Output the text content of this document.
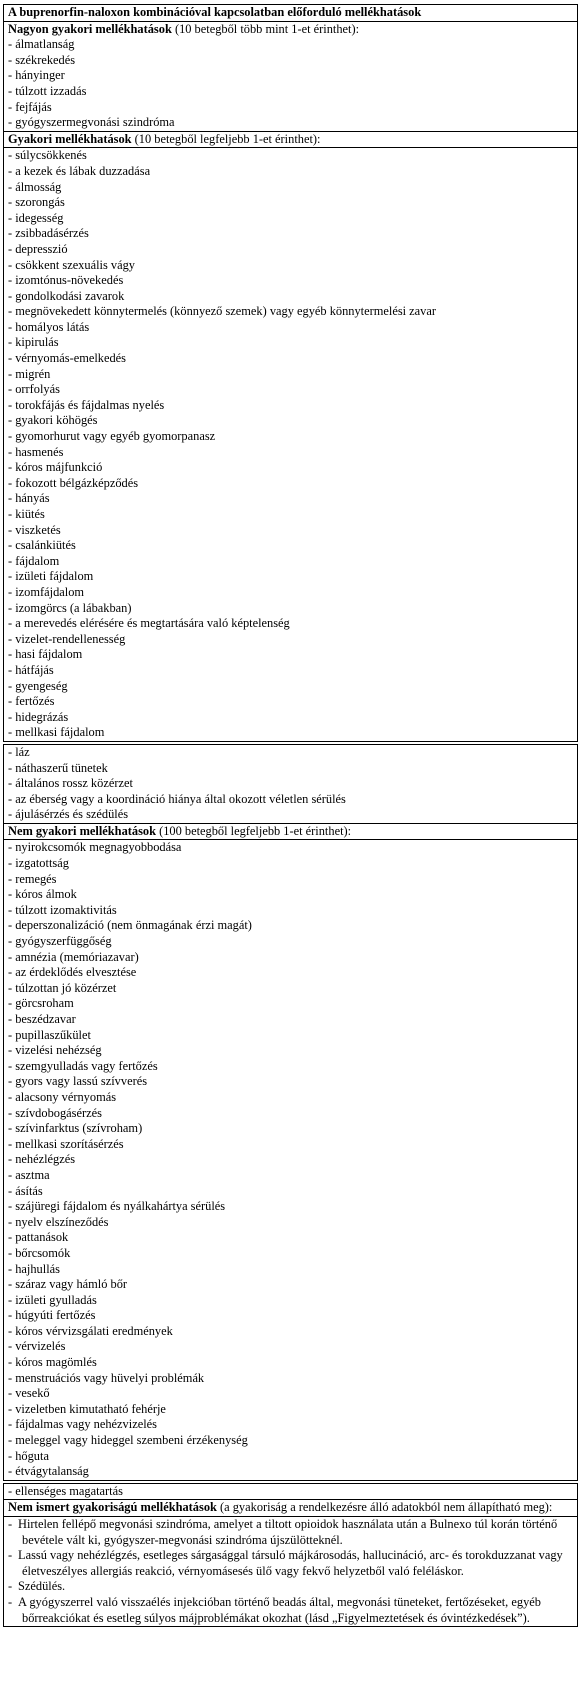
A buprenorfin-naloxon kombinációval kapcsolatban előforduló mellékhatások
Nagyon gyakori mellékhatások (10 betegből több mint 1-et érinthet):
- álmatlanság
- székrekedés
- hányinger
- túlzott izzadás
- fejfájás
- gyógyszermegvonási szindróma
Gyakori mellékhatások (10 betegből legfeljebb 1-et érinthet):
- súlycsökkenés
- a kezek és lábak duzzadása
- álmosság
- szorongás
- idegesség
- zsibbadásérzés
- depresszió
- csökkent szexuális vágy
- izomtónus-növekedés
- gondolkodási zavarok
- megnövekedett könnytermelés (könnyező szemek) vagy egyéb könnytermelési zavar
- homályos látás
- kipirulás
- vérnyomás-emelkedés
- migrén
- orrfolyás
- torokfájás és fájdalmas nyelés
- gyakori köhögés
- gyomorhurut vagy egyéb gyomorpanasz
- hasmenés
- kóros májfunkció
- fokozott bélgázképződés
- hányás
- kiütés
- viszketés
- csalánkiütés
- fájdalom
- izületi fájdalom
- izomfájdalom
- izomgörcs (a lábakban)
- a merevedés elérésére és megtartására való képtelenség
- vizelet-rendellenesség
- hasi fájdalom
- hátfájás
- gyengeség
- fertőzés
- hidegrázás
- mellkasi fájdalom
- láz
- náthaszerű tünetek
- általános rossz közérzet
- az éberség vagy a koordináció hiánya által okozott véletlen sérülés
- ájulásérzés és szédülés
Nem gyakori mellékhatások (100 betegből legfeljebb 1-et érinthet):
- nyirokcsomók megnagyobbodása
- izgatottság
- remegés
- kóros álmok
- túlzott izomaktivitás
- deperszonalizáció (nem önmagának érzi magát)
- gyógyszerfüggőség
- amnézia (memóriazavar)
- az érdeklődés elvesztése
- túlzottan jó közérzet
- görcsroham
- beszédzavar
- pupillaszűkület
- vizelési nehézség
- szemgyulladás vagy fertőzés
- gyors vagy lassú szívverés
- alacsony vérnyomás
- szívdobogásérzés
- szívinfarktus (szívroham)
- mellkasi szorításérzés
- nehézlégzés
- asztma
- ásítás
- szájüregi fájdalom és nyálkahártya sérülés
- nyelv elszíneződés
- pattanások
- bőrcsomók
- hajhullás
- száraz vagy hámló bőr
- izületi gyulladás
- húgyúti fertőzés
- kóros vérvizsgálati eredmények
- vérvizelés
- kóros magömlés
- menstruációs vagy hüvelyi problémák
- vesekő
- vizeletben kimutatható fehérje
- fájdalmas vagy nehézvizelés
- meleggel vagy hideggel szembeni érzékenység
- hőguta
- étvágytalanság
- ellenséges magatartás
Nem ismert gyakoriságú mellékhatások (a gyakoriság a rendelkezésre álló adatokból nem állapítható meg):
- Hirtelen fellépő megvonási szindróma, amelyet a tiltott opioidok használata után a Bulnexo túl korán történő bevétele vált ki, gyógyszer-megvonási szindróma újszülötteknél.
- Lassú vagy nehézlégzés, esetleges sárgasággal társuló májkárosodás, hallucináció, arc- és torokduzzanat vagy életveszélyes allergiás reakció, vérnyomásesés ülő vagy fekvő helyzetből való feléláskor.
- Szédülés.
- A gyógyszerrel való visszaélés injekcióban történő beadás által, megvonási tüneteket, fertőzéseket, egyéb bőrreakciókat és esetleg súlyos májproblémákat okozhat (lásd „Figyelmeztetések és óvintézkedések”).
